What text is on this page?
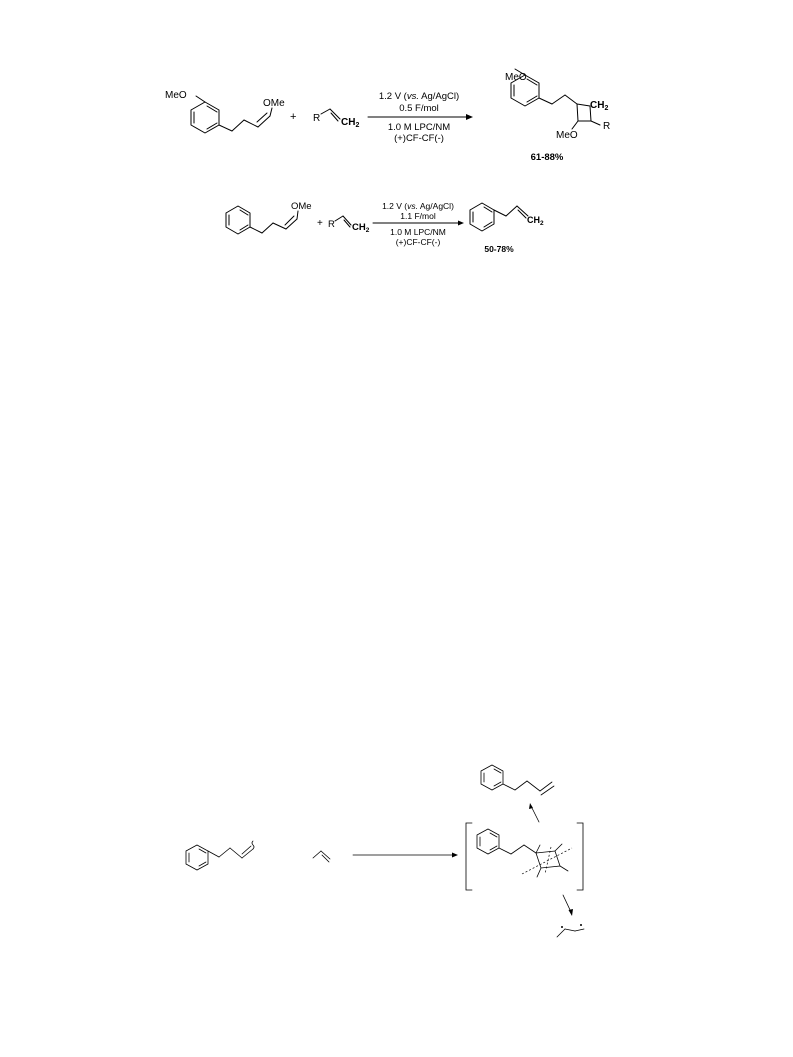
MeO
OMe
+ R $CH_2$
1.2 V (vs. Ag/AgCl)
0.5 F/mol
1.0 M LPC/NM
(+)CF-CF(-)
MeO
$CH_2$
MeO
R
61-88%
OMe
+ R $CH_2$
1.2 V (vs. Ag/AgCl)
1.1 F/mol
1.0 M LPC/NM
(+)CF-CF(-)
$CH_2$
50-78%
